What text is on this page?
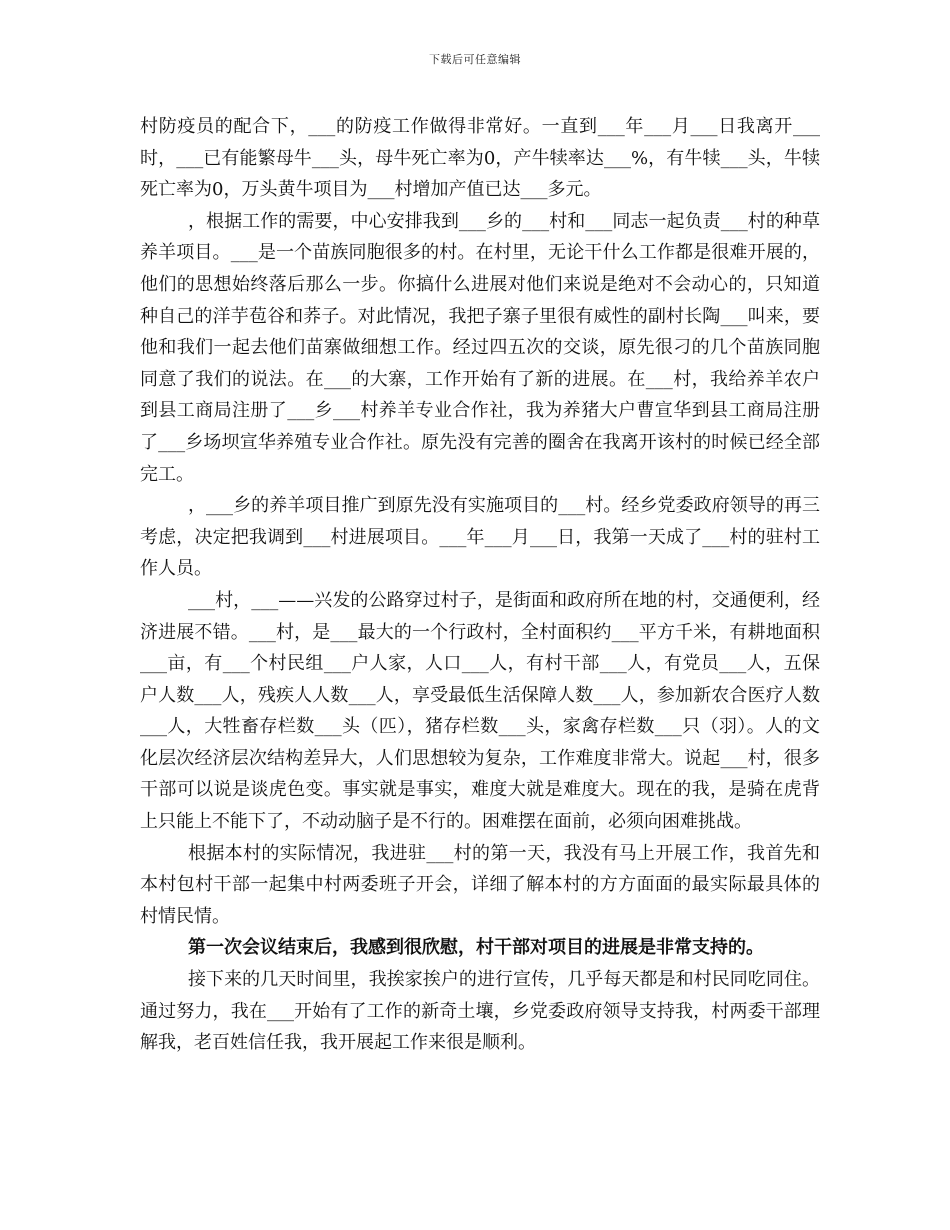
下载后可任意编辑

村防疫员的配合下，___的防疫工作做得非常好。一直到___年___月___日我离开___时，___已有能繁母牛___头，母牛死亡率为0，产牛犊率达___%，有牛犊___头，牛犊死亡率为0，万头黄牛项目为___村增加产值已达___多元。

，根据工作的需要，中心安排我到___乡的___村和___同志一起负责___村的种草养羊项目。___是一个苗族同胞很多的村。在村里，无论干什么工作都是很难开展的，他们的思想始终落后那么一步。你搞什么进展对他们来说是绝对不会动心的，只知道种自己的洋芋苞谷和荞子。对此情况，我把子寨子里很有威性的副村长陶___叫来，要他和我们一起去他们苗寨做细想工作。经过四五次的交谈，原先很刁的几个苗族同胞同意了我们的说法。在___的大寨，工作开始有了新的进展。在___村，我给养羊农户到县工商局注册了___乡___村养羊专业合作社，我为养猪大户曹宣华到县工商局注册了___乡场坝宣华养殖专业合作社。原先没有完善的圈舍在我离开该村的时候已经全部完工。

，___乡的养羊项目推广到原先没有实施项目的___村。经乡党委政府领导的再三考虑，决定把我调到___村进展项目。___年___月___日，我第一天成了___村的驻村工作人员。

___村，___——兴发的公路穿过村子，是街面和政府所在地的村，交通便利，经济进展不错。___村，是___最大的一个行政村，全村面积约___平方千米，有耕地面积___亩，有___个村民组___户人家，人口___人，有村干部___人，有党员___人，五保户人数___人，残疾人人数___人，享受最低生活保障人数___人，参加新农合医疗人数___人，大牲畜存栏数___头（匹），猪存栏数___头，家禽存栏数___只（羽）。人的文化层次经济层次结构差异大，人们思想较为复杂，工作难度非常大。说起___村，很多干部可以说是谈虎色变。事实就是事实，难度大就是难度大。现在的我，是骑在虎背上只能上不能下了，不动动脑子是不行的。困难摆在面前，必须向困难挑战。

根据本村的实际情况，我进驻___村的第一天，我没有马上开展工作，我首先和本村包村干部一起集中村两委班子开会，详细了解本村的方方面面的最实际最具体的村情民情。

第一次会议结束后，我感到很欣慰，村干部对项目的进展是非常支持的。

接下来的几天时间里，我挨家挨户的进行宣传，几乎每天都是和村民同吃同住。通过努力，我在___开始有了工作的新奇土壤，乡党委政府领导支持我，村两委干部理解我，老百姓信任我，我开展起工作来很是顺利。
